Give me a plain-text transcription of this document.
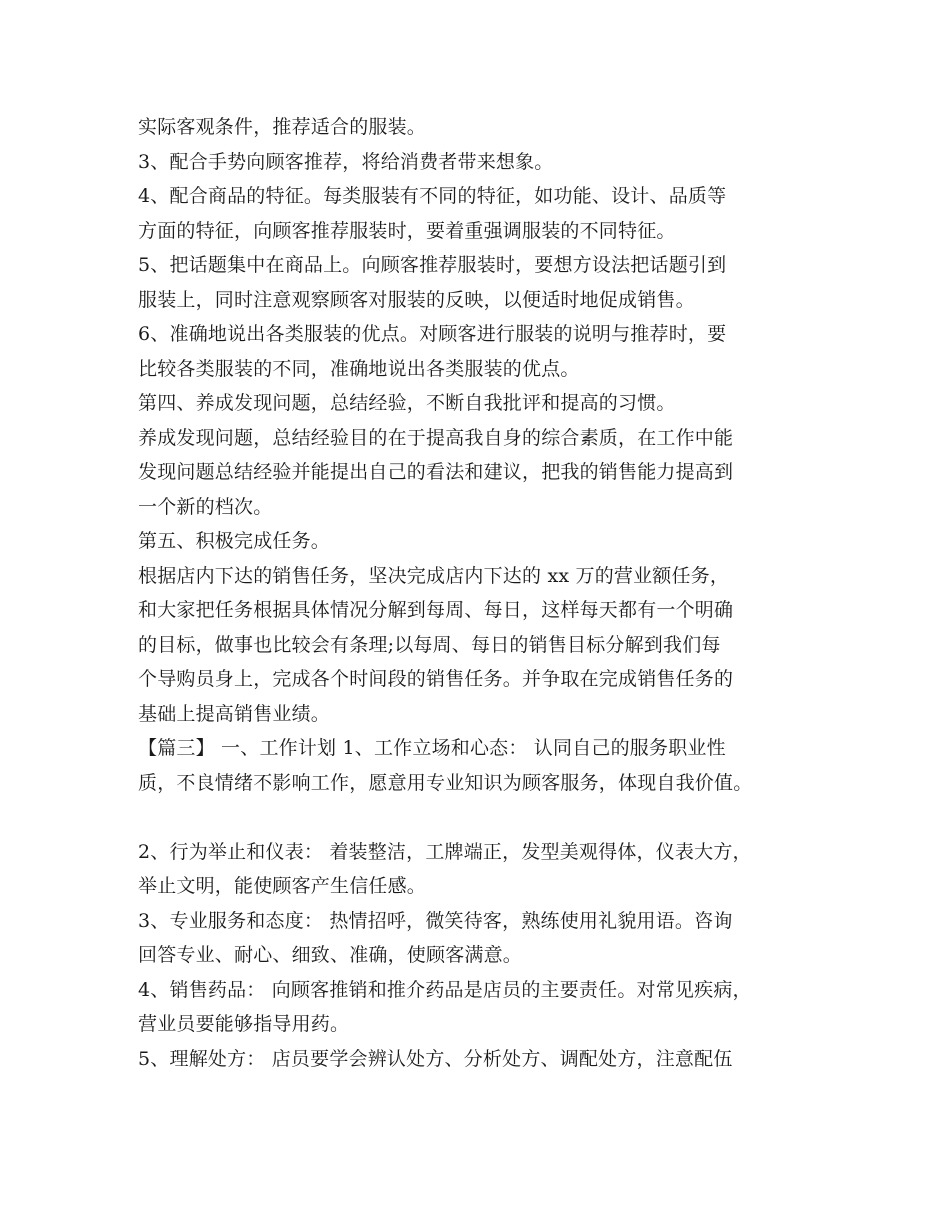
实际客观条件，推荐适合的服装。
3、配合手势向顾客推荐，将给消费者带来想象。
4、配合商品的特征。每类服装有不同的特征，如功能、设计、品质等
方面的特征，向顾客推荐服装时，要着重强调服装的不同特征。
5、把话题集中在商品上。向顾客推荐服装时，要想方设法把话题引到
服装上，同时注意观察顾客对服装的反映，以便适时地促成销售。
6、准确地说出各类服装的优点。对顾客进行服装的说明与推荐时，要
比较各类服装的不同，准确地说出各类服装的优点。
第四、养成发现问题，总结经验，不断自我批评和提高的习惯。
养成发现问题，总结经验目的在于提高我自身的综合素质，在工作中能
发现问题总结经验并能提出自己的看法和建议，把我的销售能力提高到
一个新的档次。
第五、积极完成任务。
根据店内下达的销售任务，坚决完成店内下达的 xx 万的营业额任务，
和大家把任务根据具体情况分解到每周、每日，这样每天都有一个明确
的目标，做事也比较会有条理;以每周、每日的销售目标分解到我们每
个导购员身上，完成各个时间段的销售任务。并争取在完成销售任务的
基础上提高销售业绩。
【篇三】 一、工作计划 1、工作立场和心态： 认同自己的服务职业性
质，不良情绪不影响工作，愿意用专业知识为顾客服务，体现自我价值。
2、行为举止和仪表： 着装整洁，工牌端正，发型美观得体，仪表大方，
举止文明，能使顾客产生信任感。
3、专业服务和态度： 热情招呼，微笑待客，熟练使用礼貌用语。咨询
回答专业、耐心、细致、准确，使顾客满意。
4、销售药品： 向顾客推销和推介药品是店员的主要责任。对常见疾病，
营业员要能够指导用药。
5、理解处方： 店员要学会辨认处方、分析处方、调配处方，注意配伍
